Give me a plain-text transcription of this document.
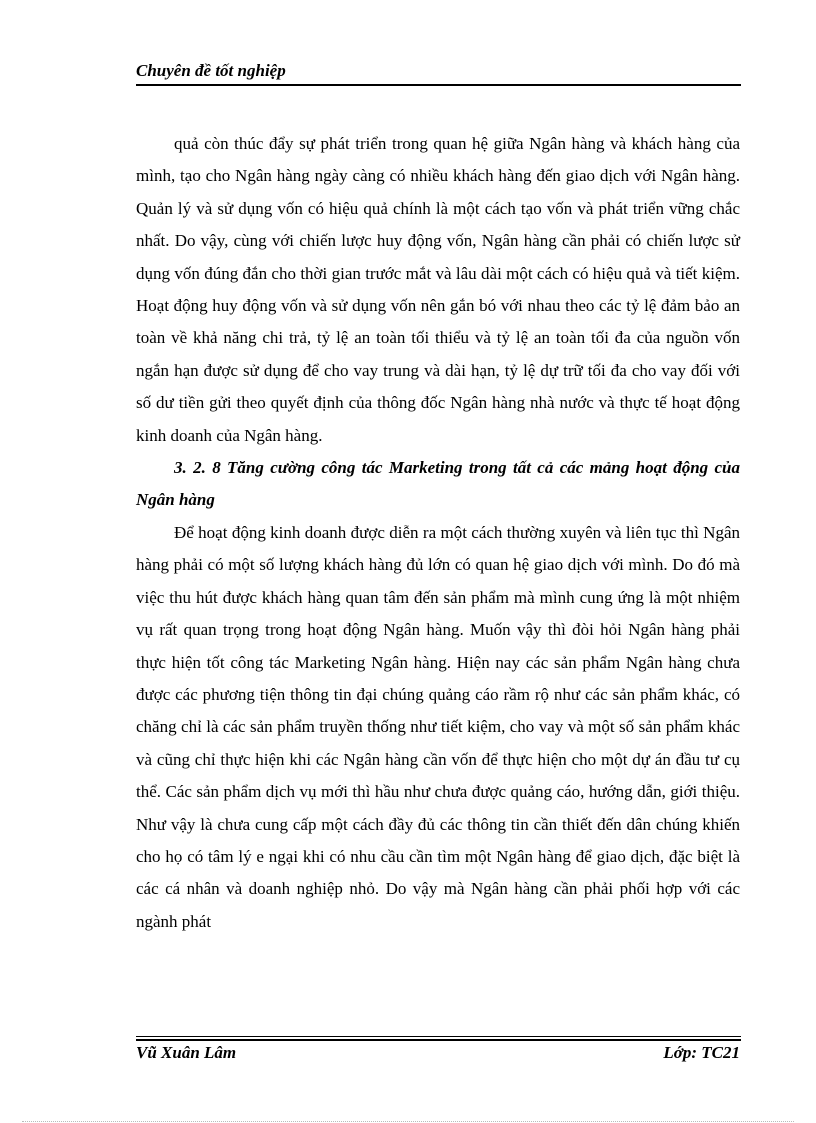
Chuyên đề tốt nghiệp

quả còn thúc đẩy sự phát triển trong quan hệ giữa Ngân hàng và khách hàng của mình, tạo cho Ngân hàng ngày càng có nhiều khách hàng đến giao dịch với Ngân hàng. Quản lý và sử dụng vốn có hiệu quả chính là một cách tạo vốn và phát triển vững chắc nhất. Do vậy, cùng với chiến lược huy động vốn, Ngân hàng cần phải có chiến lược sử dụng vốn đúng đắn cho thời gian trước mắt và lâu dài một cách có hiệu quả và tiết kiệm. Hoạt động huy động vốn và sử dụng vốn nên gắn bó với nhau theo các tỷ lệ đảm bảo an toàn về khả năng chi trả, tỷ lệ an toàn tối thiểu và tỷ lệ an toàn tối đa của nguồn vốn ngắn hạn được sử dụng để cho vay trung và dài hạn, tỷ lệ dự trữ tối đa cho vay đối với số dư tiền gửi theo quyết định của thông đốc Ngân hàng nhà nước và thực tế hoạt động kinh doanh của Ngân hàng.

3. 2. 8 Tăng cường công tác Marketing trong tất cả các mảng hoạt động của Ngân hàng

Để hoạt động kinh doanh được diễn ra một cách thường xuyên và liên tục thì Ngân hàng phải có một số lượng khách hàng đủ lớn có quan hệ giao dịch với mình. Do đó mà việc thu hút được khách hàng quan tâm đến sản phẩm mà mình cung ứng là một nhiệm vụ rất quan trọng trong hoạt động Ngân hàng. Muốn vậy thì đòi hỏi Ngân hàng phải thực hiện tốt công tác Marketing Ngân hàng. Hiện nay các sản phẩm Ngân hàng chưa được các phương tiện thông tin đại chúng quảng cáo rầm rộ như các sản phẩm khác, có chăng chỉ là các sản phẩm truyền thống như tiết kiệm, cho vay và một số sản phẩm khác và cũng chỉ thực hiện khi các Ngân hàng cần vốn để thực hiện cho một dự án đầu tư cụ thể. Các sản phẩm dịch vụ mới thì hầu như chưa được quảng cáo, hướng dẫn, giới thiệu. Như vậy là chưa cung cấp một cách đầy đủ các thông tin cần thiết đến dân chúng khiến cho họ có tâm lý e ngại khi có nhu cầu cần tìm một Ngân hàng để giao dịch, đặc biệt là các cá nhân và doanh nghiệp nhỏ. Do vậy mà Ngân hàng cần phải phối hợp với các ngành phát

Vũ Xuân Lâm	Lớp: TC21
